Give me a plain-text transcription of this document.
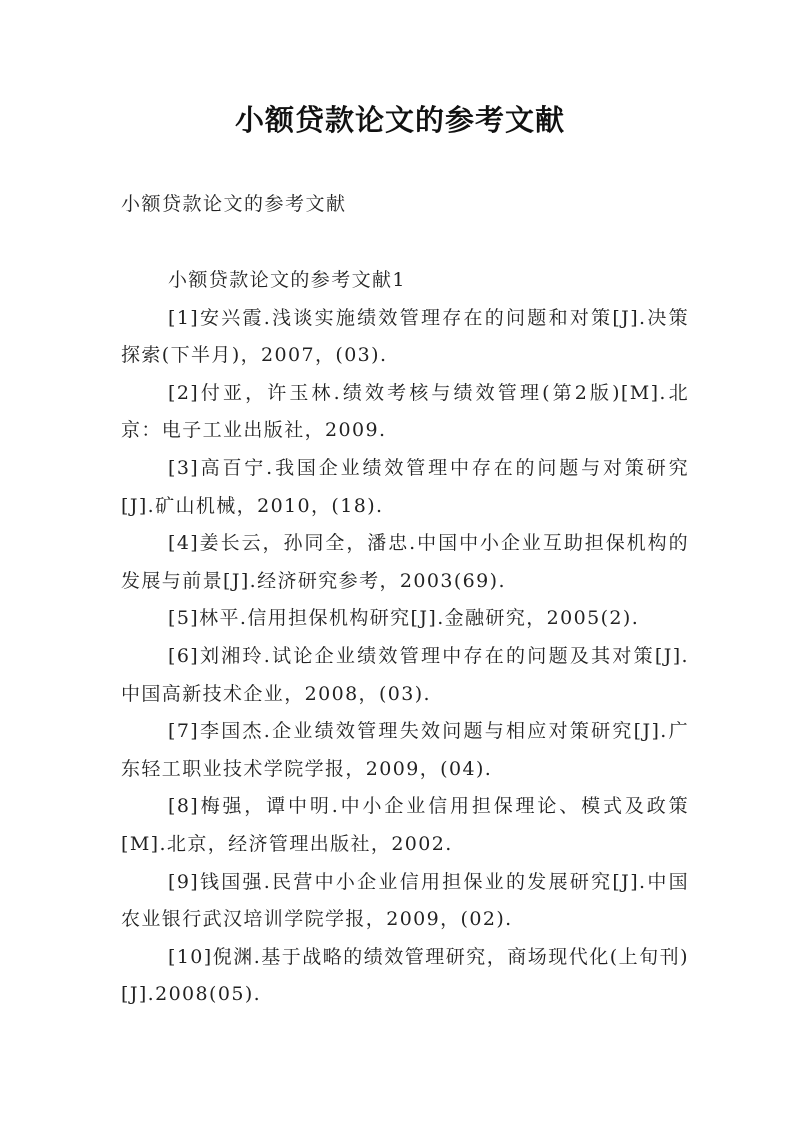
小额贷款论文的参考文献
小额贷款论文的参考文献

小额贷款论文的参考文献1

[1]安兴霞.浅谈实施绩效管理存在的问题和对策[J].决策探索(下半月)，2007，(03).

[2]付亚，许玉林.绩效考核与绩效管理(第2版)[M].北京：电子工业出版社，2009.

[3]高百宁.我国企业绩效管理中存在的问题与对策研究[J].矿山机械，2010，(18).

[4]姜长云，孙同全，潘忠.中国中小企业互助担保机构的发展与前景[J].经济研究参考，2003(69).

[5]林平.信用担保机构研究[J].金融研究，2005(2).

[6]刘湘玲.试论企业绩效管理中存在的问题及其对策[J].中国高新技术企业，2008，(03).

[7]李国杰.企业绩效管理失效问题与相应对策研究[J].广东轻工职业技术学院学报，2009，(04).

[8]梅强，谭中明.中小企业信用担保理论、模式及政策[M].北京，经济管理出版社，2002.

[9]钱国强.民营中小企业信用担保业的发展研究[J].中国农业银行武汉培训学院学报，2009，(02).

[10]倪渊.基于战略的绩效管理研究，商场现代化(上旬刊)[J].2008(05).
